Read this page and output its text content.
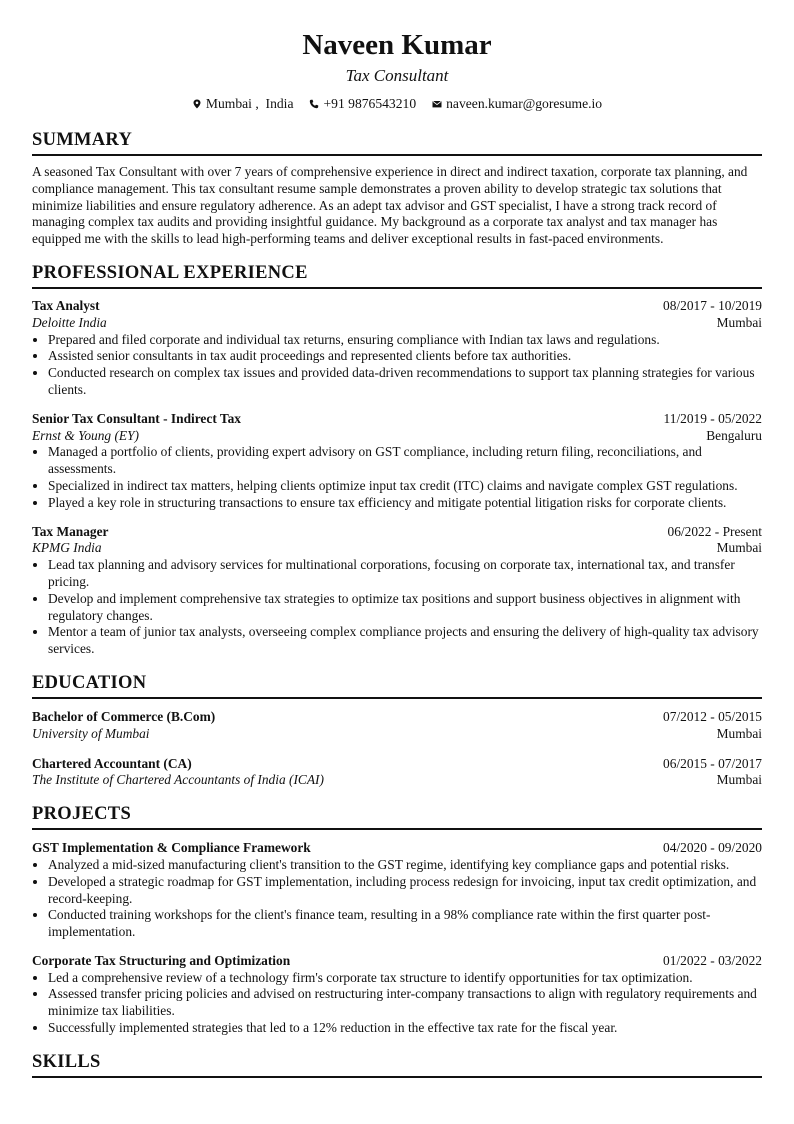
Naveen Kumar
Tax Consultant
Mumbai ,  India +91 9876543210 naveen.kumar@goresume.io
SUMMARY

A seasoned Tax Consultant with over 7 years of comprehensive experience in direct and indirect taxation, corporate tax planning, and compliance management. This tax consultant resume sample demonstrates a proven ability to develop strategic tax solutions that minimize liabilities and ensure regulatory adherence. As an adept tax advisor and GST specialist, I have a strong track record of managing complex tax audits and providing insightful guidance. My background as a corporate tax analyst and tax manager has equipped me with the skills to lead high-performing teams and deliver exceptional results in fast-paced environments.

PROFESSIONAL EXPERIENCE
Tax Analyst	08/2017 - 10/2019
Deloitte India	Mumbai
• Prepared and filed corporate and individual tax returns, ensuring compliance with Indian tax laws and regulations.
• Assisted senior consultants in tax audit proceedings and represented clients before tax authorities.
• Conducted research on complex tax issues and provided data-driven recommendations to support tax planning strategies for various clients.
Senior Tax Consultant - Indirect Tax	11/2019 - 05/2022
Ernst & Young (EY)	Bengaluru
• Managed a portfolio of clients, providing expert advisory on GST compliance, including return filing, reconciliations, and assessments.
• Specialized in indirect tax matters, helping clients optimize input tax credit (ITC) claims and navigate complex GST regulations.
• Played a key role in structuring transactions to ensure tax efficiency and mitigate potential litigation risks for corporate clients.
Tax Manager	06/2022 - Present
KPMG India	Mumbai
• Lead tax planning and advisory services for multinational corporations, focusing on corporate tax, international tax, and transfer pricing.
• Develop and implement comprehensive tax strategies to optimize tax positions and support business objectives in alignment with regulatory changes.
• Mentor a team of junior tax analysts, overseeing complex compliance projects and ensuring the delivery of high-quality tax advisory services.
EDUCATION
Bachelor of Commerce (B.Com)	07/2012 - 05/2015
University of Mumbai	Mumbai
Chartered Accountant (CA)	06/2015 - 07/2017
The Institute of Chartered Accountants of India (ICAI)	Mumbai
PROJECTS
GST Implementation & Compliance Framework	04/2020 - 09/2020
• Analyzed a mid-sized manufacturing client's transition to the GST regime, identifying key compliance gaps and potential risks.
• Developed a strategic roadmap for GST implementation, including process redesign for invoicing, input tax credit optimization, and record-keeping.
• Conducted training workshops for the client's finance team, resulting in a 98% compliance rate within the first quarter post-implementation.
Corporate Tax Structuring and Optimization	01/2022 - 03/2022
• Led a comprehensive review of a technology firm's corporate tax structure to identify opportunities for tax optimization.
• Assessed transfer pricing policies and advised on restructuring inter-company transactions to align with regulatory requirements and minimize tax liabilities.
• Successfully implemented strategies that led to a 12% reduction in the effective tax rate for the fiscal year.
SKILLS
